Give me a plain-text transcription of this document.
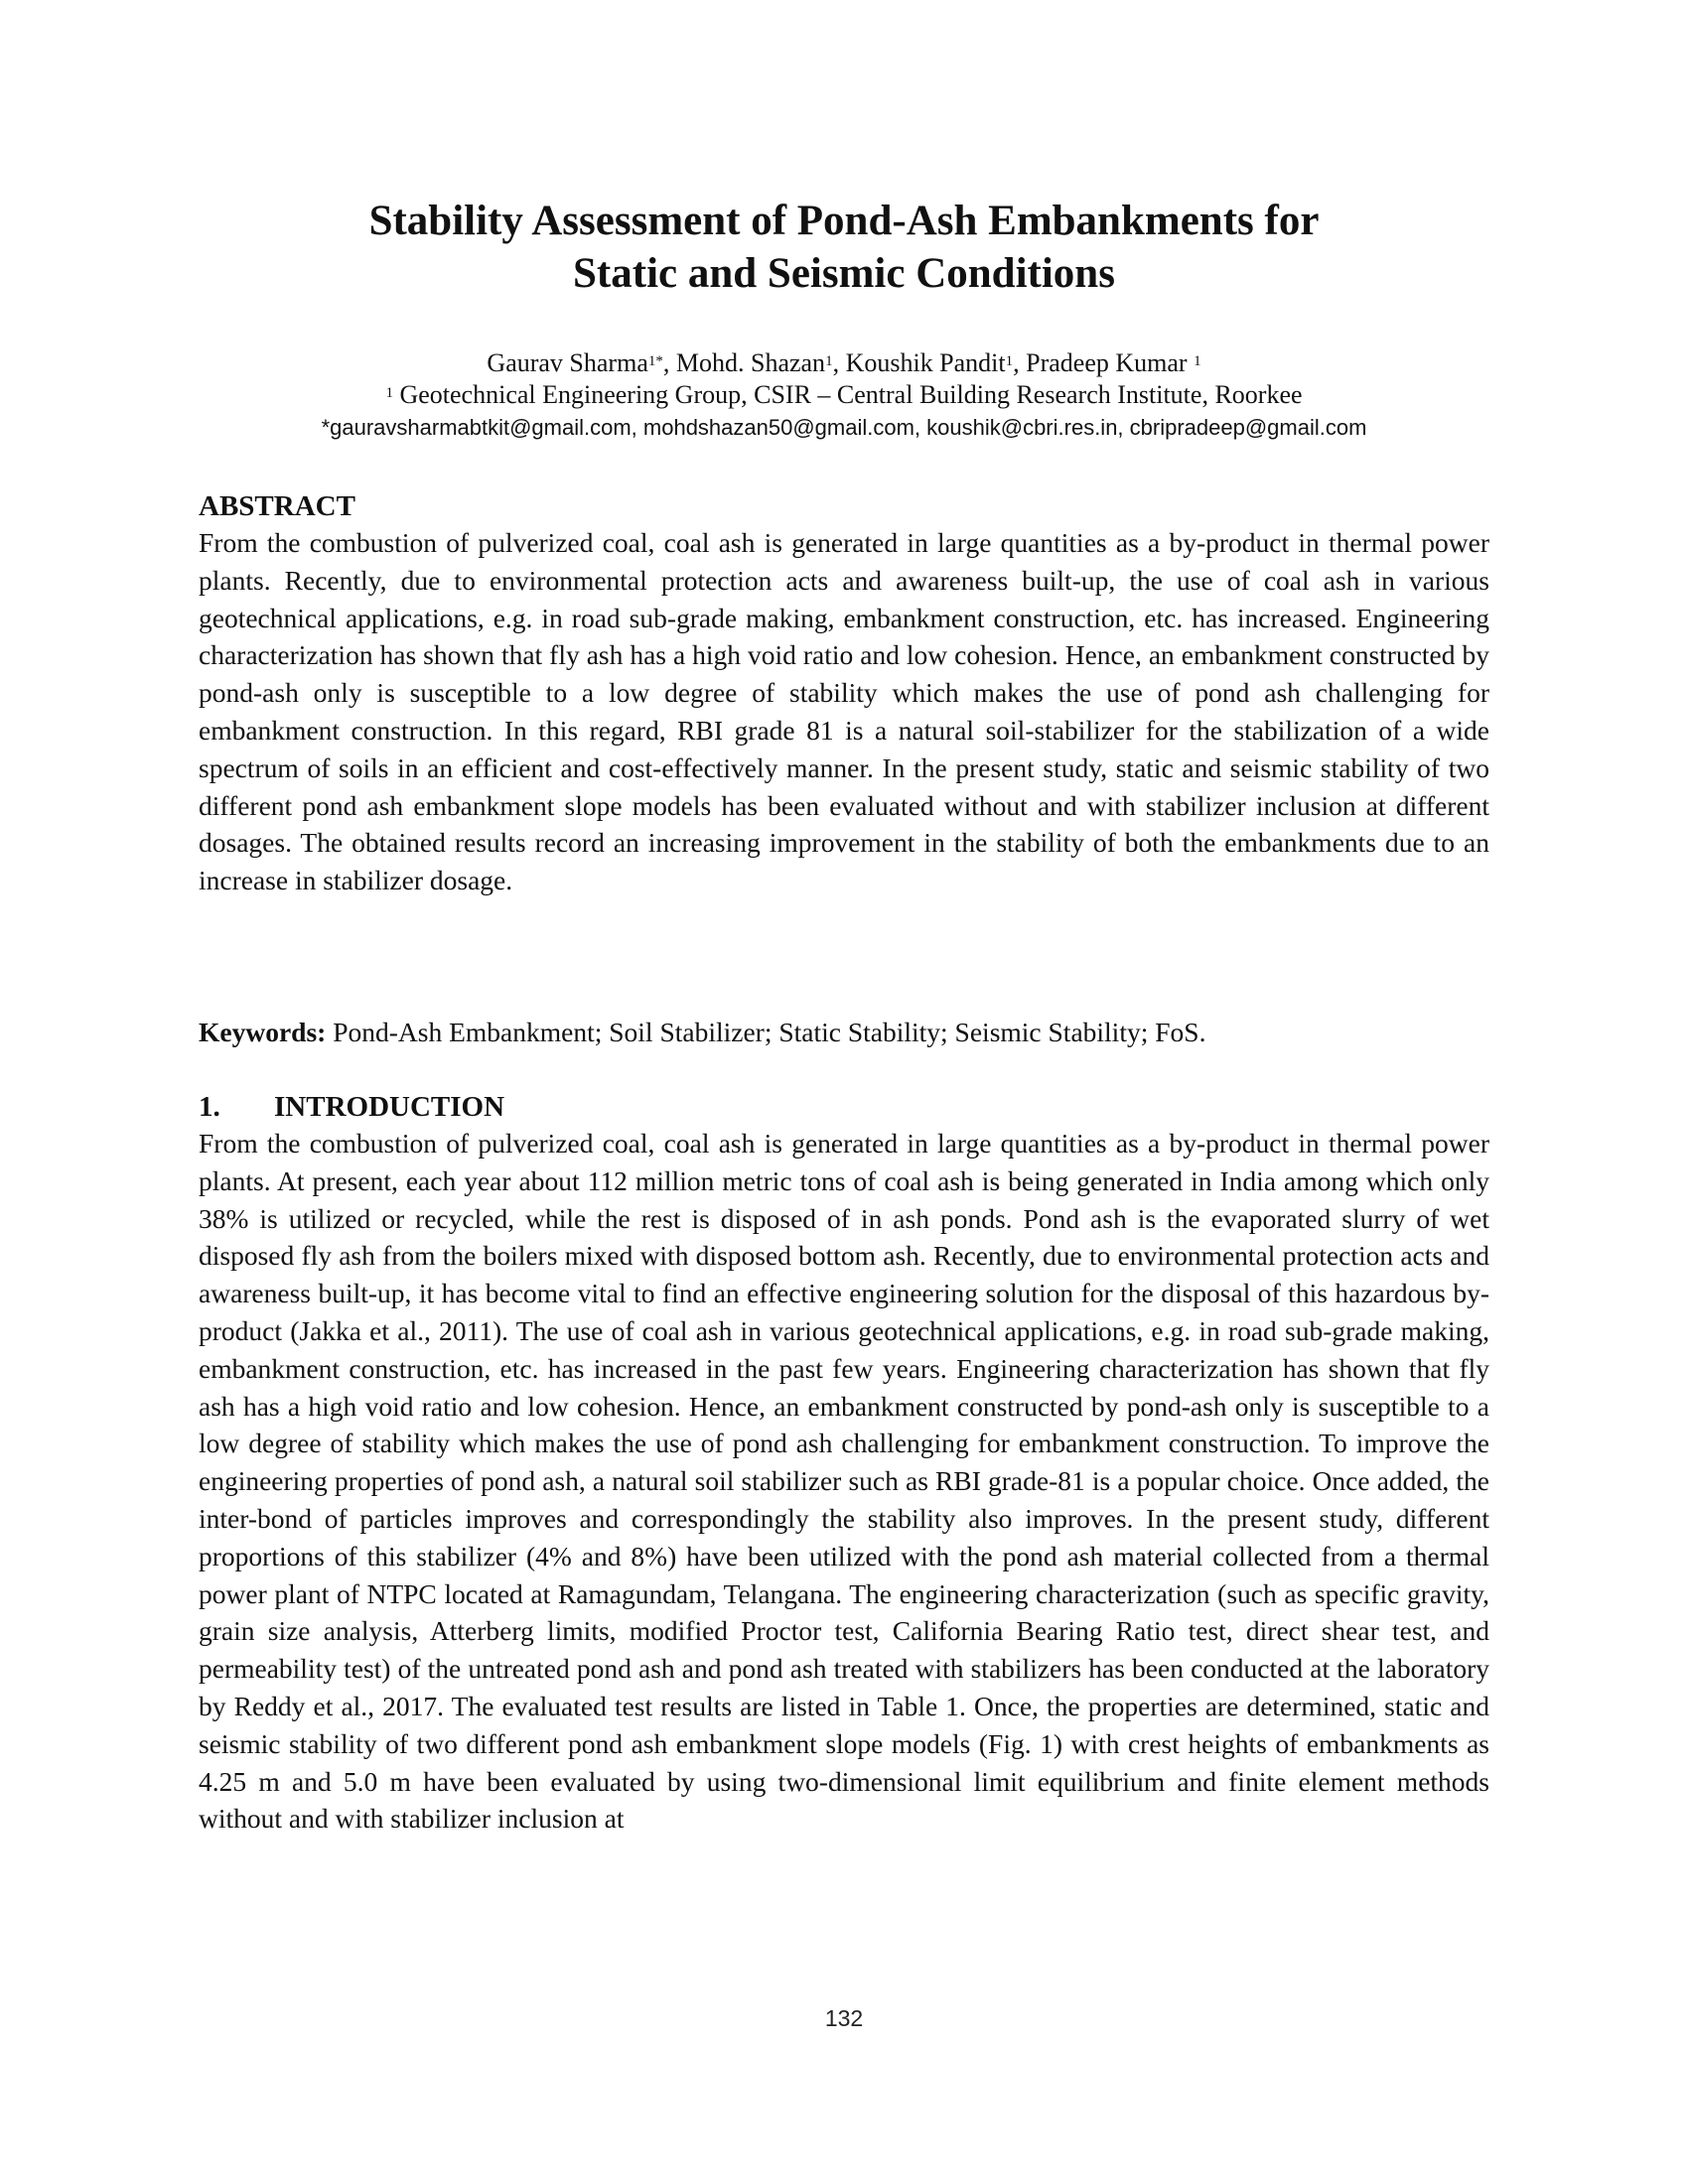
Stability Assessment of Pond-Ash Embankments for
Static and Seismic Conditions
Gaurav Sharma$^{1*}$, Mohd. Shazan$^1$, Koushik Pandit$^1$, Pradeep Kumar $^1$
$^1$ Geotechnical Engineering Group, CSIR – Central Building Research Institute, Roorkee
*gauravsharmabtkit@gmail.com, mohdshazan50@gmail.com, koushik@cbri.res.in, cbripradeep@gmail.com
ABSTRACT

From the combustion of pulverized coal, coal ash is generated in large quantities as a by-product in thermal power plants. Recently, due to environmental protection acts and awareness built-up, the use of coal ash in various geotechnical applications, e.g. in road sub-grade making, embankment construction, etc. has increased. Engineering characterization has shown that fly ash has a high void ratio and low cohesion. Hence, an embankment constructed by pond-ash only is susceptible to a low degree of stability which makes the use of pond ash challenging for embankment construction. In this regard, RBI grade 81 is a natural soil-stabilizer for the stabilization of a wide spectrum of soils in an efficient and cost-effectively manner. In the present study, static and seismic stability of two different pond ash embankment slope models has been evaluated without and with stabilizer inclusion at different dosages. The obtained results record an increasing improvement in the stability of both the embankments due to an increase in stabilizer dosage.

Keywords: Pond-Ash Embankment; Soil Stabilizer; Static Stability; Seismic Stability; FoS.

1. INTRODUCTION

From the combustion of pulverized coal, coal ash is generated in large quantities as a by-product in thermal power plants. At present, each year about 112 million metric tons of coal ash is being generated in India among which only 38% is utilized or recycled, while the rest is disposed of in ash ponds. Pond ash is the evaporated slurry of wet disposed fly ash from the boilers mixed with disposed bottom ash. Recently, due to environmental protection acts and awareness built-up, it has become vital to find an effective engineering solution for the disposal of this hazardous by-product (Jakka et al., 2011). The use of coal ash in various geotechnical applications, e.g. in road sub-grade making, embankment construction, etc. has increased in the past few years. Engineering characterization has shown that fly ash has a high void ratio and low cohesion. Hence, an embankment constructed by pond-ash only is susceptible to a low degree of stability which makes the use of pond ash challenging for embankment construction. To improve the engineering properties of pond ash, a natural soil stabilizer such as RBI grade-81 is a popular choice. Once added, the inter-bond of particles improves and correspondingly the stability also improves. In the present study, different proportions of this stabilizer (4% and 8%) have been utilized with the pond ash material collected from a thermal power plant of NTPC located at Ramagundam, Telangana. The engineering characterization (such as specific gravity, grain size analysis, Atterberg limits, modified Proctor test, California Bearing Ratio test, direct shear test, and permeability test) of the untreated pond ash and pond ash treated with stabilizers has been conducted at the laboratory by Reddy et al., 2017. The evaluated test results are listed in Table 1. Once, the properties are determined, static and seismic stability of two different pond ash embankment slope models (Fig. 1) with crest heights of embankments as 4.25 m and 5.0 m have been evaluated by using two-dimensional limit equilibrium and finite element methods without and with stabilizer inclusion at

132
